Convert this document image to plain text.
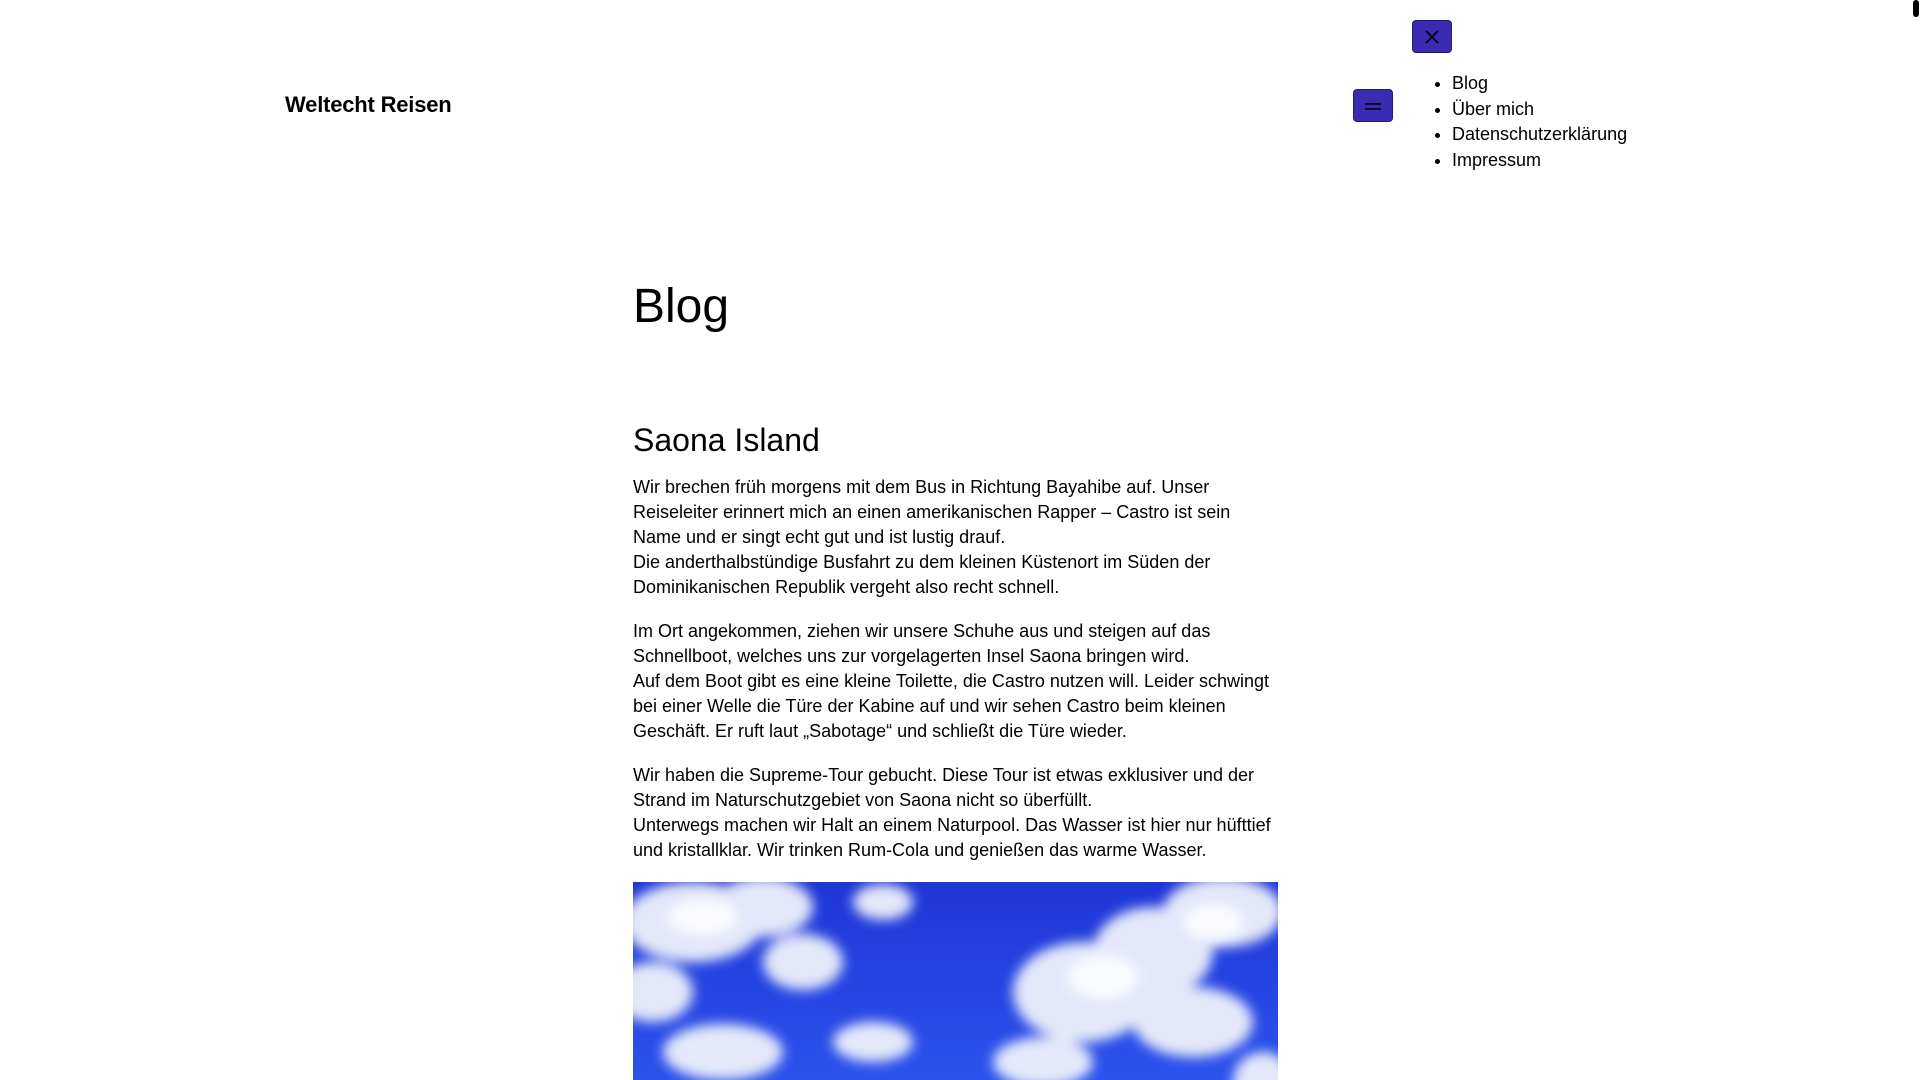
Weltecht Reisen

• Blog
• Über mich
• Datenschutzerklärung
• Impressum
Blog
Saona Island

Wir brechen früh morgens mit dem Bus in Richtung Bayahibe auf. Unser Reiseleiter erinnert mich an einen amerikanischen Rapper – Castro ist sein Name und er singt echt gut und ist lustig drauf.
Die anderthalbstündige Busfahrt zu dem kleinen Küstenort im Süden der Dominikanischen Republik vergeht also recht schnell.

Im Ort angekommen, ziehen wir unsere Schuhe aus und steigen auf das Schnellboot, welches uns zur vorgelagerten Insel Saona bringen wird.
Auf dem Boot gibt es eine kleine Toilette, die Castro nutzen will. Leider schwingt bei einer Welle die Türe der Kabine auf und wir sehen Castro beim kleinen Geschäft. Er ruft laut „Sabotage“ und schließt die Türe wieder.

Wir haben die Supreme-Tour gebucht. Diese Tour ist etwas exklusiver und der Strand im Naturschutzgebiet von Saona nicht so überfüllt.
Unterwegs machen wir Halt an einem Naturpool. Das Wasser ist hier nur hüfttief und kristallklar. Wir trinken Rum-Cola und genießen das warme Wasser.
